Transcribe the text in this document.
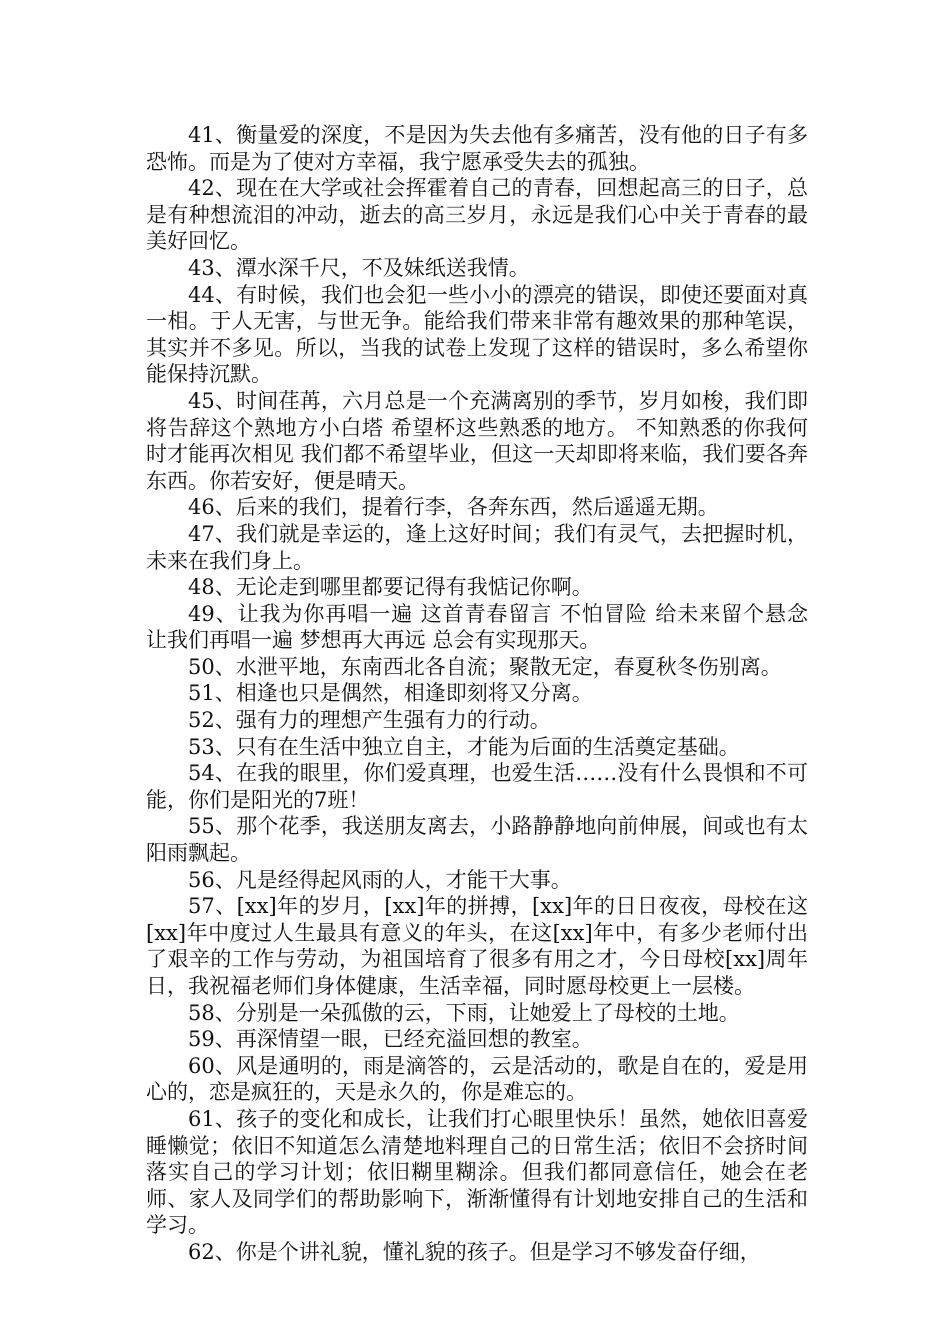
41、衡量爱的深度，不是因为失去他有多痛苦，没有他的日子有多恐怖。而是为了使对方幸福，我宁愿承受失去的孤独。

42、现在在大学或社会挥霍着自己的青春，回想起高三的日子，总是有种想流泪的冲动，逝去的高三岁月，永远是我们心中关于青春的最美好回忆。

43、潭水深千尺，不及妹纸送我情。

44、有时候，我们也会犯一些小小的漂亮的错误，即使还要面对真一相。于人无害，与世无争。能给我们带来非常有趣效果的那种笔误，其实并不多见。所以，当我的试卷上发现了这样的错误时，多么希望你能保持沉默。

45、时间荏苒，六月总是一个充满离别的季节，岁月如梭，我们即将告辞这个熟地方小白塔 希望杯这些熟悉的地方。 不知熟悉的你我何时才能再次相见 我们都不希望毕业，但这一天却即将来临，我们要各奔东西。你若安好，便是晴天。

46、后来的我们，提着行李，各奔东西，然后遥遥无期。

47、我们就是幸运的，逢上这好时间；我们有灵气，去把握时机，未来在我们身上。

48、无论走到哪里都要记得有我惦记你啊。

49、让我为你再唱一遍 这首青春留言 不怕冒险 给未来留个悬念 让我们再唱一遍 梦想再大再远 总会有实现那天。

50、水泄平地，东南西北各自流；聚散无定，春夏秋冬伤别离。

51、相逢也只是偶然，相逢即刻将又分离。

52、强有力的理想产生强有力的行动。

53、只有在生活中独立自主，才能为后面的生活奠定基础。

54、在我的眼里，你们爱真理，也爱生活……没有什么畏惧和不可能，你们是阳光的7班！

55、那个花季，我送朋友离去，小路静静地向前伸展，间或也有太阳雨飘起。

56、凡是经得起风雨的人，才能干大事。

57、[xx]年的岁月，[xx]年的拼搏，[xx]年的日日夜夜，母校在这[xx]年中度过人生最具有意义的年头，在这[xx]年中，有多少老师付出了艰辛的工作与劳动，为祖国培育了很多有用之才，今日母校[xx]周年日，我祝福老师们身体健康，生活幸福，同时愿母校更上一层楼。

58、分别是一朵孤傲的云，下雨，让她爱上了母校的土地。

59、再深情望一眼，已经充溢回想的教室。

60、风是通明的，雨是滴答的，云是活动的，歌是自在的，爱是用心的，恋是疯狂的，天是永久的，你是难忘的。

61、孩子的变化和成长，让我们打心眼里快乐！虽然，她依旧喜爱睡懒觉；依旧不知道怎么清楚地料理自己的日常生活；依旧不会挤时间落实自己的学习计划；依旧糊里糊涂。但我们都同意信任，她会在老师、家人及同学们的帮助影响下，渐渐懂得有计划地安排自己的生活和学习。

62、你是个讲礼貌，懂礼貌的孩子。但是学习不够发奋仔细，
